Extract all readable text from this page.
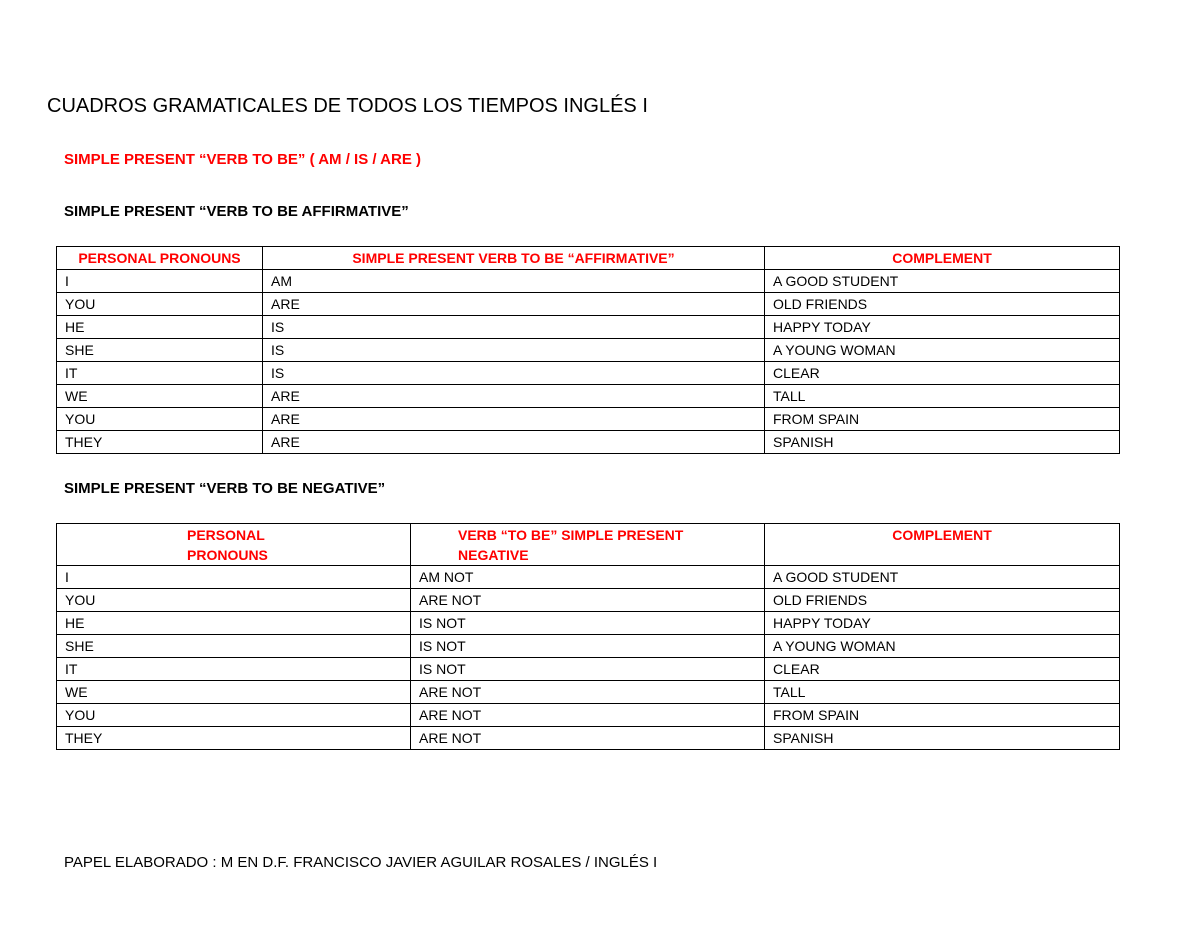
CUADROS GRAMATICALES DE TODOS LOS TIEMPOS INGLÉS I
SIMPLE PRESENT “VERB TO BE” ( AM / IS / ARE )
SIMPLE PRESENT “VERB TO BE AFFIRMATIVE”
PERSONAL PRONOUNS	SIMPLE PRESENT VERB TO BE “AFFIRMATIVE”	COMPLEMENT
I	AM	A GOOD STUDENT
YOU	ARE	OLD FRIENDS
HE	IS	HAPPY TODAY
SHE	IS	A YOUNG WOMAN
IT	IS	CLEAR
WE	ARE	TALL
YOU	ARE	FROM SPAIN
THEY	ARE	SPANISH
SIMPLE PRESENT “VERB TO BE NEGATIVE”
PERSONAL PRONOUNS	VERB “TO BE” SIMPLE PRESENT NEGATIVE	COMPLEMENT
I	AM NOT	A GOOD STUDENT
YOU	ARE NOT	OLD FRIENDS
HE	IS NOT	HAPPY TODAY
SHE	IS NOT	A YOUNG WOMAN
IT	IS NOT	CLEAR
WE	ARE NOT	TALL
YOU	ARE NOT	FROM SPAIN
THEY	ARE NOT	SPANISH
PAPEL ELABORADO : M EN D.F. FRANCISCO JAVIER AGUILAR ROSALES / INGLÉS I
